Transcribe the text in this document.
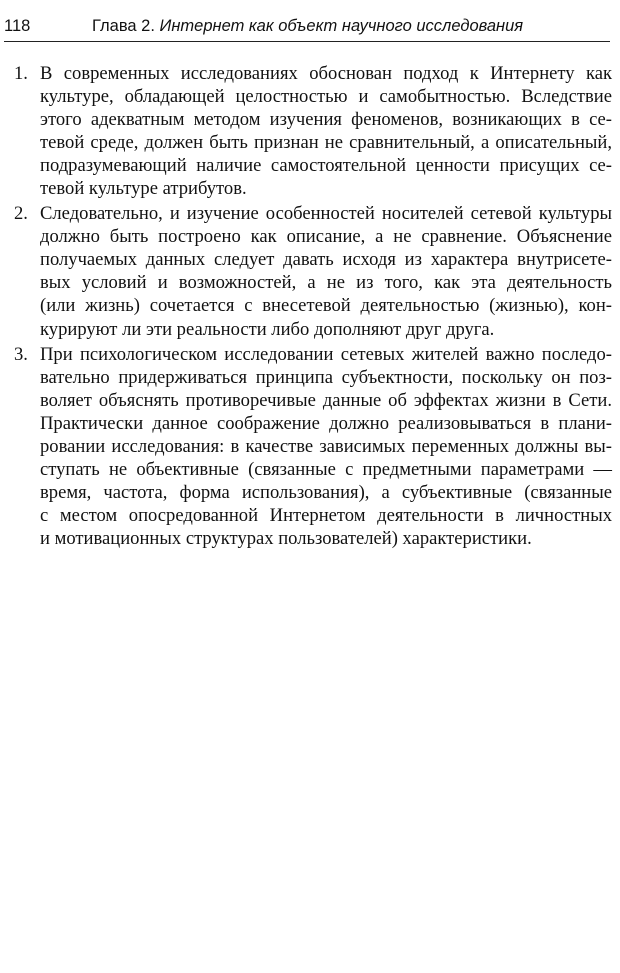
118	Глава 2. Интернет как объект научного исследования
1. В современных исследованиях обоснован подход к Интернету как
культуре, обладающей целостностью и самобытностью. Вследствие
этого адекватным методом изучения феноменов, возникающих в се-
тевой среде, должен быть признан не сравнительный, а описательный,
подразумевающий наличие самостоятельной ценности присущих се-
тевой культуре атрибутов.
2. Следовательно, и изучение особенностей носителей сетевой культуры
должно быть построено как описание, а не сравнение. Объяснение
получаемых данных следует давать исходя из характера внутрисете-
вых условий и возможностей, а не из того, как эта деятельность
(или жизнь) сочетается с внесетевой деятельностью (жизнью), кон-
курируют ли эти реальности либо дополняют друг друга.
3. При психологическом исследовании сетевых жителей важно последо-
вательно придерживаться принципа субъектности, поскольку он поз-
воляет объяснять противоречивые данные об эффектах жизни в Сети.
Практически данное соображение должно реализовываться в плани-
ровании исследования: в качестве зависимых переменных должны вы-
ступать не объективные (связанные с предметными параметрами —
время, частота, форма использования), а субъективные (связанные
с местом опосредованной Интернетом деятельности в личностных
и мотивационных структурах пользователей) характеристики.
